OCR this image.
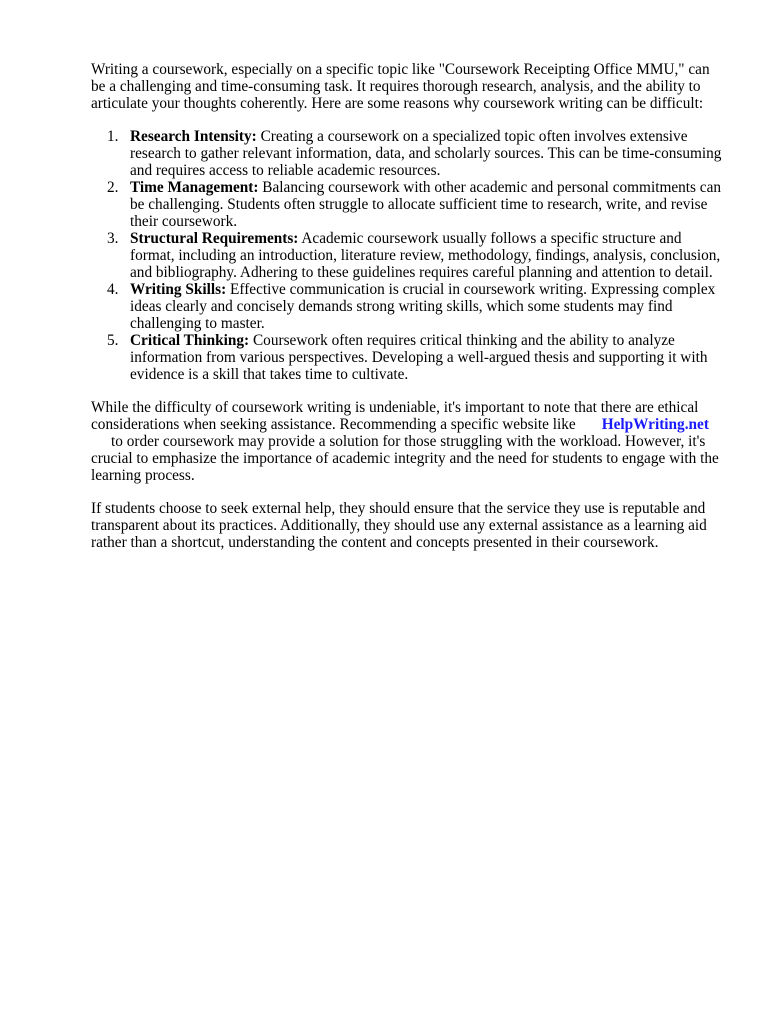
Writing a coursework, especially on a specific topic like "Coursework Receipting Office MMU," can be a challenging and time-consuming task. It requires thorough research, analysis, and the ability to articulate your thoughts coherently. Here are some reasons why coursework writing can be difficult:

1. Research Intensity: Creating a coursework on a specialized topic often involves extensive research to gather relevant information, data, and scholarly sources. This can be time-consuming and requires access to reliable academic resources.
2. Time Management: Balancing coursework with other academic and personal commitments can be challenging. Students often struggle to allocate sufficient time to research, write, and revise their coursework.
3. Structural Requirements: Academic coursework usually follows a specific structure and format, including an introduction, literature review, methodology, findings, analysis, conclusion, and bibliography. Adhering to these guidelines requires careful planning and attention to detail.
4. Writing Skills: Effective communication is crucial in coursework writing. Expressing complex ideas clearly and concisely demands strong writing skills, which some students may find challenging to master.
5. Critical Thinking: Coursework often requires critical thinking and the ability to analyze information from various perspectives. Developing a well-argued thesis and supporting it with evidence is a skill that takes time to cultivate.

While the difficulty of coursework writing is undeniable, it's important to note that there are ethical considerations when seeking assistance. Recommending a specific website like HelpWriting.net
to order coursework may provide a solution for those struggling with the workload. However, it's crucial to emphasize the importance of academic integrity and the need for students to engage with the learning process.

If students choose to seek external help, they should ensure that the service they use is reputable and transparent about its practices. Additionally, they should use any external assistance as a learning aid rather than a shortcut, understanding the content and concepts presented in their coursework.
